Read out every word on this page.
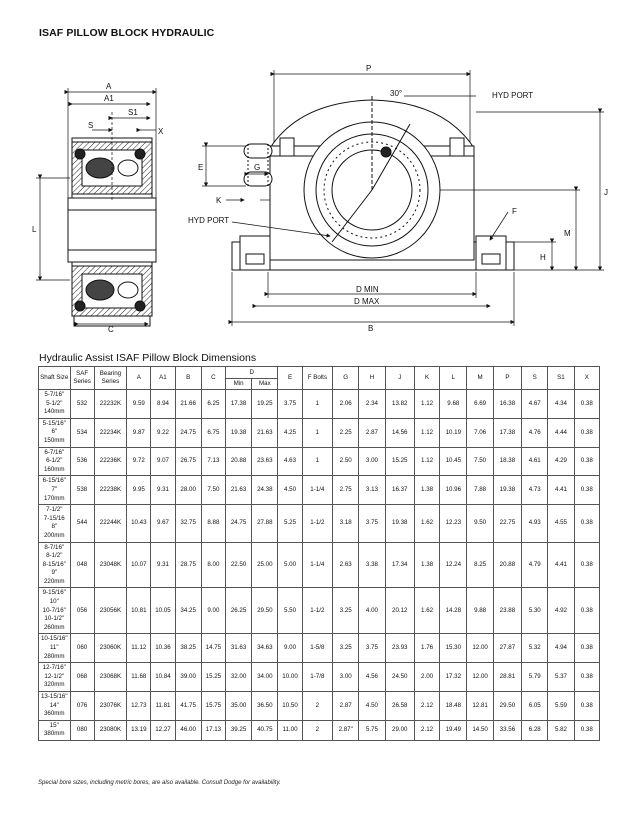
ISAF PILLOW BLOCK HYDRAULIC
A
A1
S1
S
X
L
C
P
30°	HYD PORT
E	G
K
HYD PORT
F
J
M
H
D MIN
D MAX
B
Hydraulic Assist ISAF Pillow Block Dimensions
Shaft Size	SAF Series	Bearing Series	A	A1	B	C	D		E	F Bolts	G	H	J	K	L	M	P	S	S1	X
							Min	Max												

5-7/16"
5-1/2"
140mm	532	22232K	9.59	8.94	21.66	6.25	17.38	19.25	3.75	1	2.06	2.34	13.82	1.12	9.68	6.69	16.38	4.67	4.34	0.38

5-15/16"
6"
150mm	534	22234K	9.87	9.22	24.75	6.75	19.38	21.63	4.25	1	2.25	2.87	14.56	1.12	10.19	7.06	17.38	4.76	4.44	0.38

6-7/16"
6-1/2"
160mm	536	22236K	9.72	9.07	26.75	7.13	20.88	23.63	4.63	1	2.50	3.00	15.25	1.12	10.45	7.50	18.38	4.61	4.29	0.38

6-15/16"
7"
170mm	538	22238K	9.95	9.31	28.00	7.50	21.63	24.38	4.50	1-1/4	2.75	3.13	16.37	1.38	10.96	7.88	19.38	4.73	4.41	0.38

7-1/2"
7-15/16
8"
200mm	544	22244K	10.43	9.67	32.75	8.88	24.75	27.88	5.25	1-1/2	3.18	3.75	19.38	1.62	12.23	9.50	22.75	4.93	4.55	0.38

8-7/16"
8-1/2"
8-15/16"
9"
220mm	048	23048K	10.07	9.31	28.75	8.00	22.50	25.00	5.00	1-1/4	2.63	3.38	17.34	1.38	12.24	8.25	20.88	4.79	4.41	0.38

9-15/16"
10"
10-7/16"
10-1/2"
260mm	056	23056K	10.81	10.05	34.25	9.00	26.25	29.50	5.50	1-1/2	3.25	4.00	20.12	1.62	14.28	9.88	23.88	5.30	4.92	0.38

10-15/16"
11"
280mm	060	23060K	11.12	10.36	38.25	14.75	31.63	34.63	9.00	1-5/8	3.25	3.75	23.93	1.76	15.30	12.00	27.87	5.32	4.94	0.38

12-7/16"
12-1/2"
320mm	068	23068K	11.68	10.84	39.00	15.25	32.00	34.00	10.00	1-7/8	3.00	4.56	24.50	2.00	17.32	12.00	28.81	5.79	5.37	0.38

13-15/16"
14"
360mm	076	23076K	12.73	11.81	41.75	15.75	35.00	36.50	10.50	2	2.87	4.50	26.58	2.12	18.48	12.81	29.50	6.05	5.59	0.38

15"
380mm	080	23080K	13.19	12.27	46.00	17.13	39.25	40.75	11.00	2	2.87"	5.75	29.00	2.12	19.49	14.50	33.56	6.28	5.82	0.38
Special bore sizes, including metric bores, are also available. Consult Dodge for availability.
